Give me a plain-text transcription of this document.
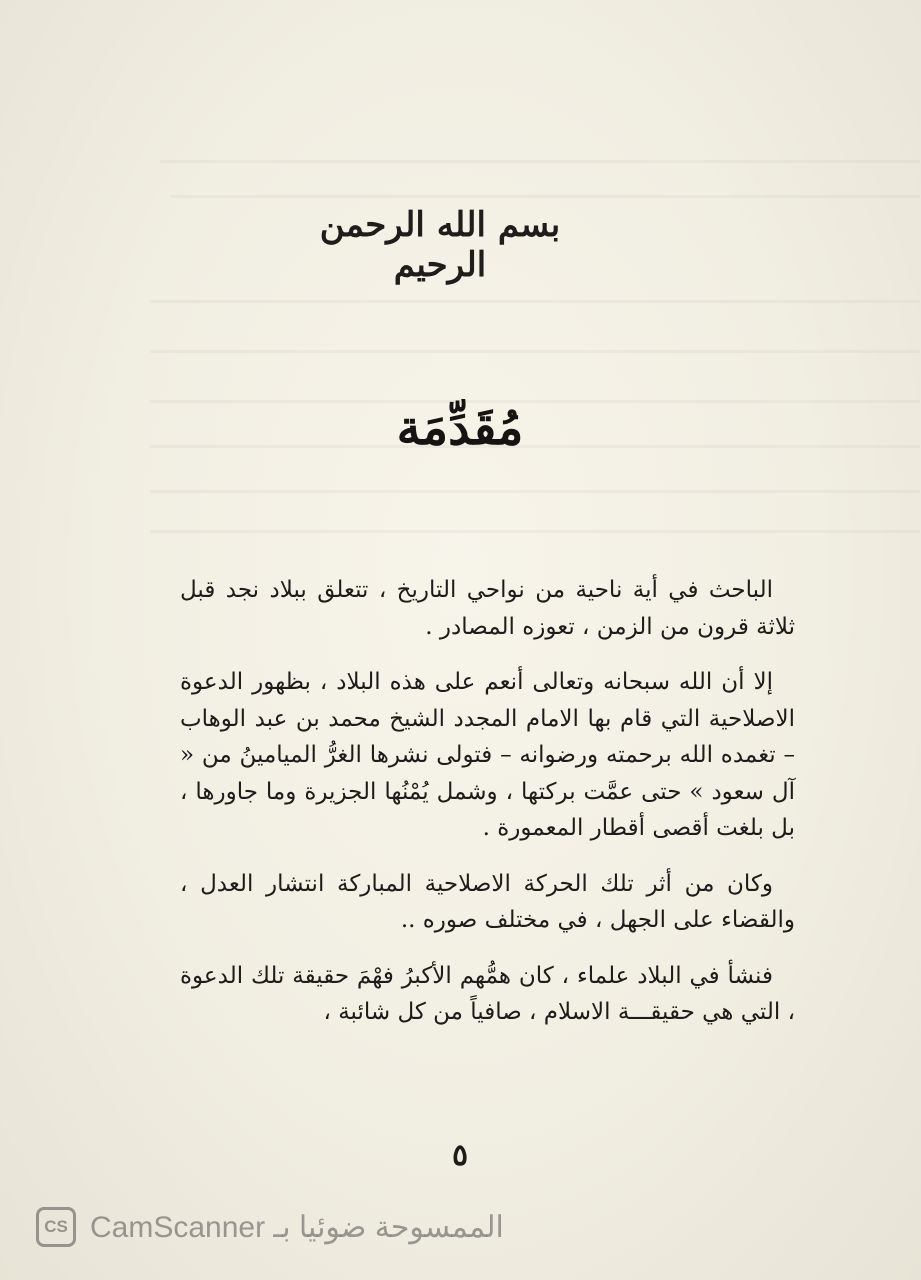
بسم الله الرحمن الرحيم
مُقَدِّمَة

الباحث في أية ناحية من نواحي التاريخ ، تتعلق ببلاد نجد قبل ثلاثة قرون من الزمن ، تعوزه المصادر .

إلا أن الله سبحانه وتعالى أنعم على هذه البلاد ، بظهور الدعوة الاصلاحية التي قام بها الامام المجدد الشيخ محمد بن عبد الوهاب – تغمده الله برحمته ورضوانه – فتولى نشرها الغرُّ الميامينُ من « آل سعود » حتى عمَّت بركتها ، وشمل يُمْنُها الجزيرة وما جاورها ، بل بلغت أقصى أقطار المعمورة .

وكان من أثر تلك الحركة الاصلاحية المباركة انتشار العدل ، والقضاء على الجهل ، في مختلف صوره ..

فنشأ في البلاد علماء ، كان همُّهم الأكبرُ فهْمَ حقيقة تلك الدعوة ، التي هي حقيقـــة الاسلام ، صافياً من كل شائبة ،

٥
CS الممسوحة ضوئيا بـ CamScanner
